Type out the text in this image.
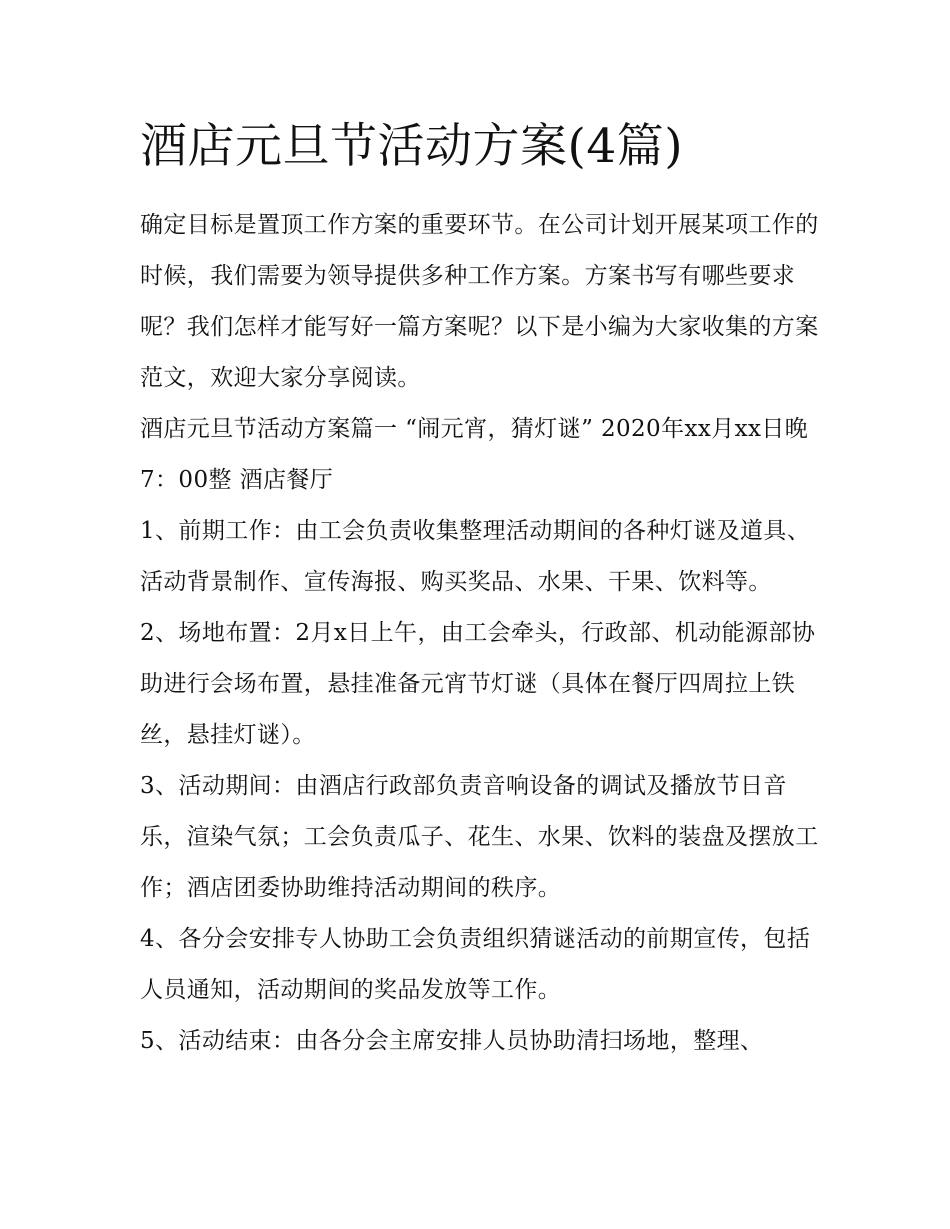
酒店元旦节活动方案(4篇)

确定目标是置顶工作方案的重要环节。在公司计划开展某项工作的时候，我们需要为领导提供多种工作方案。方案书写有哪些要求呢？我们怎样才能写好一篇方案呢？以下是小编为大家收集的方案范文，欢迎大家分享阅读。

酒店元旦节活动方案篇一 “闹元宵，猜灯谜” 2020年xx月xx日晚7：00整 酒店餐厅

1、前期工作：由工会负责收集整理活动期间的各种灯谜及道具、活动背景制作、宣传海报、购买奖品、水果、干果、饮料等。

2、场地布置：2月x日上午，由工会牵头，行政部、机动能源部协助进行会场布置，悬挂准备元宵节灯谜（具体在餐厅四周拉上铁丝，悬挂灯谜）。

3、活动期间：由酒店行政部负责音响设备的调试及播放节日音乐，渲染气氛；工会负责瓜子、花生、水果、饮料的装盘及摆放工作；酒店团委协助维持活动期间的秩序。

4、各分会安排专人协助工会负责组织猜谜活动的前期宣传，包括人员通知，活动期间的奖品发放等工作。

5、活动结束：由各分会主席安排人员协助清扫场地，整理、
